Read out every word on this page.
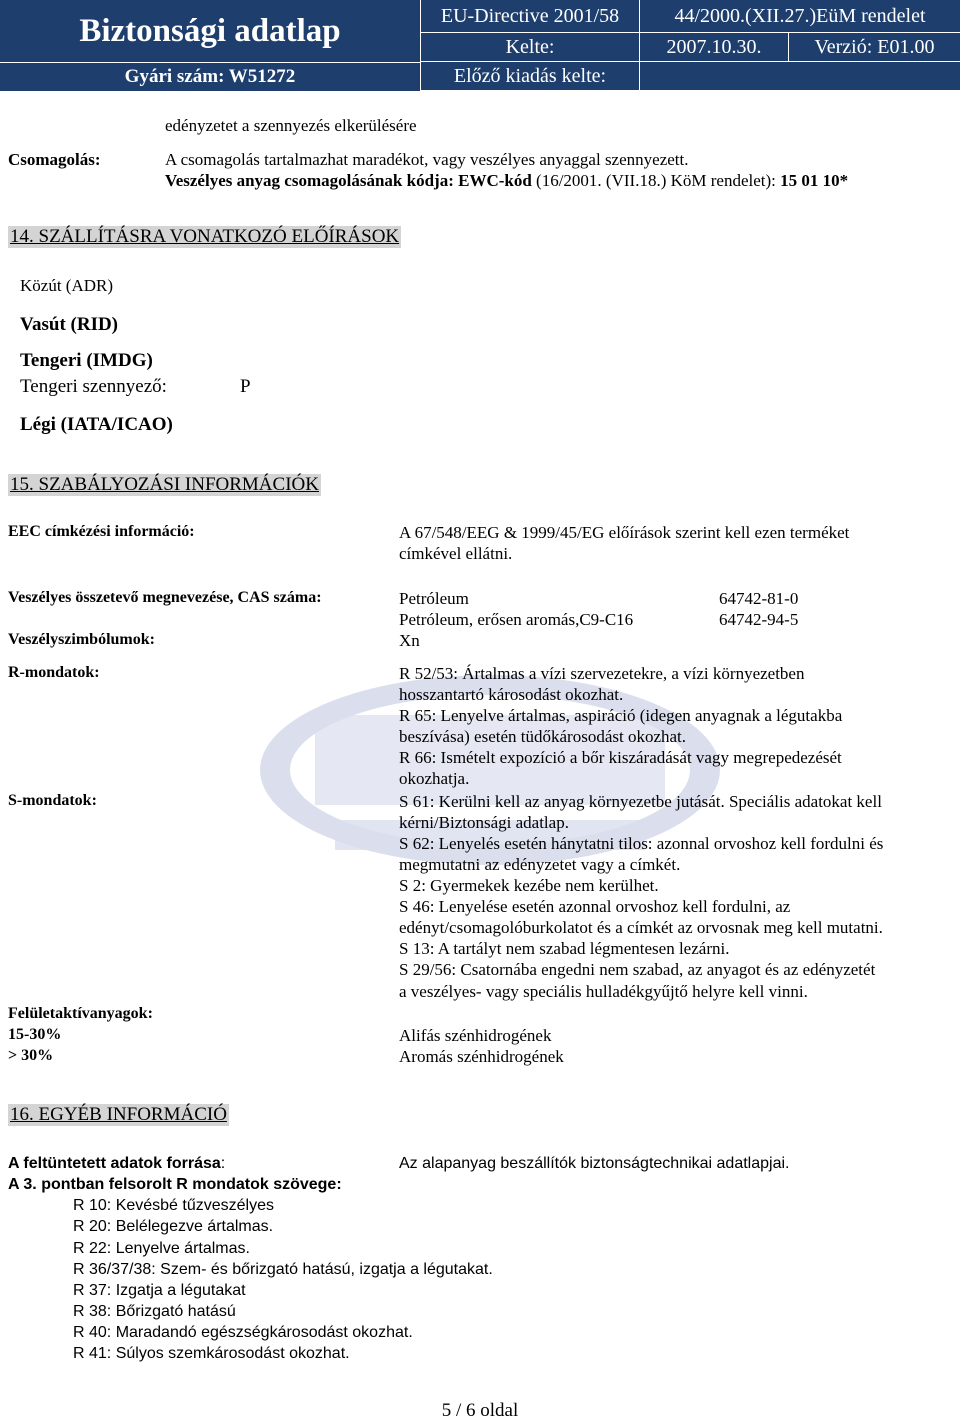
Biztonsági adatlap
Gyári szám: W51272
EU-Directive 2001/58	44/2000.(XII.27.)EüM rendelet
Kelte:	2007.10.30.	Verzió: E01.00
Előző kiadás kelte:
edényzetet a szennyezés elkerülésére
Csomagolás:	A csomagolás tartalmazhat maradékot, vagy veszélyes anyaggal szennyezett.
Veszélyes anyag csomagolásának kódja: EWC-kód (16/2001. (VII.18.) KöM rendelet): 15 01 10*
14. SZÁLLÍTÁSRA VONATKOZÓ ELŐÍRÁSOK
Közút (ADR)
Vasút (RID)
Tengeri (IMDG)
Tengeri szennyező:	P
Légi (IATA/ICAO)
15. SZABÁLYOZÁSI INFORMÁCIÓK
EEC címkézési információ:	A 67/548/EEG & 1999/45/EG előírások szerint kell ezen terméket
címkével ellátni.
Veszélyes összetevő megnevezése, CAS száma:	Petróleum	64742-81-0
Petróleum, erősen aromás,C9-C16	64742-94-5
Veszélyszimbólumok:	Xn
R-mondatok:	R 52/53: Ártalmas a vízi szervezetekre, a vízi környezetben
hosszantartó károsodást okozhat.
R 65: Lenyelve ártalmas, aspiráció (idegen anyagnak a légutakba
beszívása) esetén tüdőkárosodást okozhat.
R 66: Ismételt expozíció a bőr kiszáradását vagy megrepedezését
okozhatja.
S-mondatok:	S 61: Kerülni kell az anyag környezetbe jutását. Speciális adatokat kell
kérni/Biztonsági adatlap.
S 62: Lenyelés esetén hánytatni tilos: azonnal orvoshoz kell fordulni és
megmutatni az edényzetet vagy a címkét.
S 2: Gyermekek kezébe nem kerülhet.
S 46: Lenyelése esetén azonnal orvoshoz kell fordulni, az
edényt/csomagolóburkolatot és a címkét az orvosnak meg kell mutatni.
S 13: A tartályt nem szabad légmentesen lezárni.
S 29/56: Csatornába engedni nem szabad, az anyagot és az edényzetét
a veszélyes- vagy speciális hulladékgyűjtő helyre kell vinni.
Felületaktívanyagok:
15-30%	Alifás szénhidrogének
> 30%	Aromás szénhidrogének
16. EGYÉB INFORMÁCIÓ
A feltüntetett adatok forrása:	Az alapanyag beszállítók biztonságtechnikai adatlapjai.
A 3. pontban felsorolt R mondatok szövege:
R 10: Kevésbé tűzveszélyes
R 20: Belélegezve ártalmas.
R 22: Lenyelve ártalmas.
R 36/37/38: Szem- és bőrizgató hatású, izgatja a légutakat.
R 37: Izgatja a légutakat
R 38: Bőrizgató hatású
R 40: Maradandó egészségkárosodást okozhat.
R 41: Súlyos szemkárosodást okozhat.
5 / 6 oldal
